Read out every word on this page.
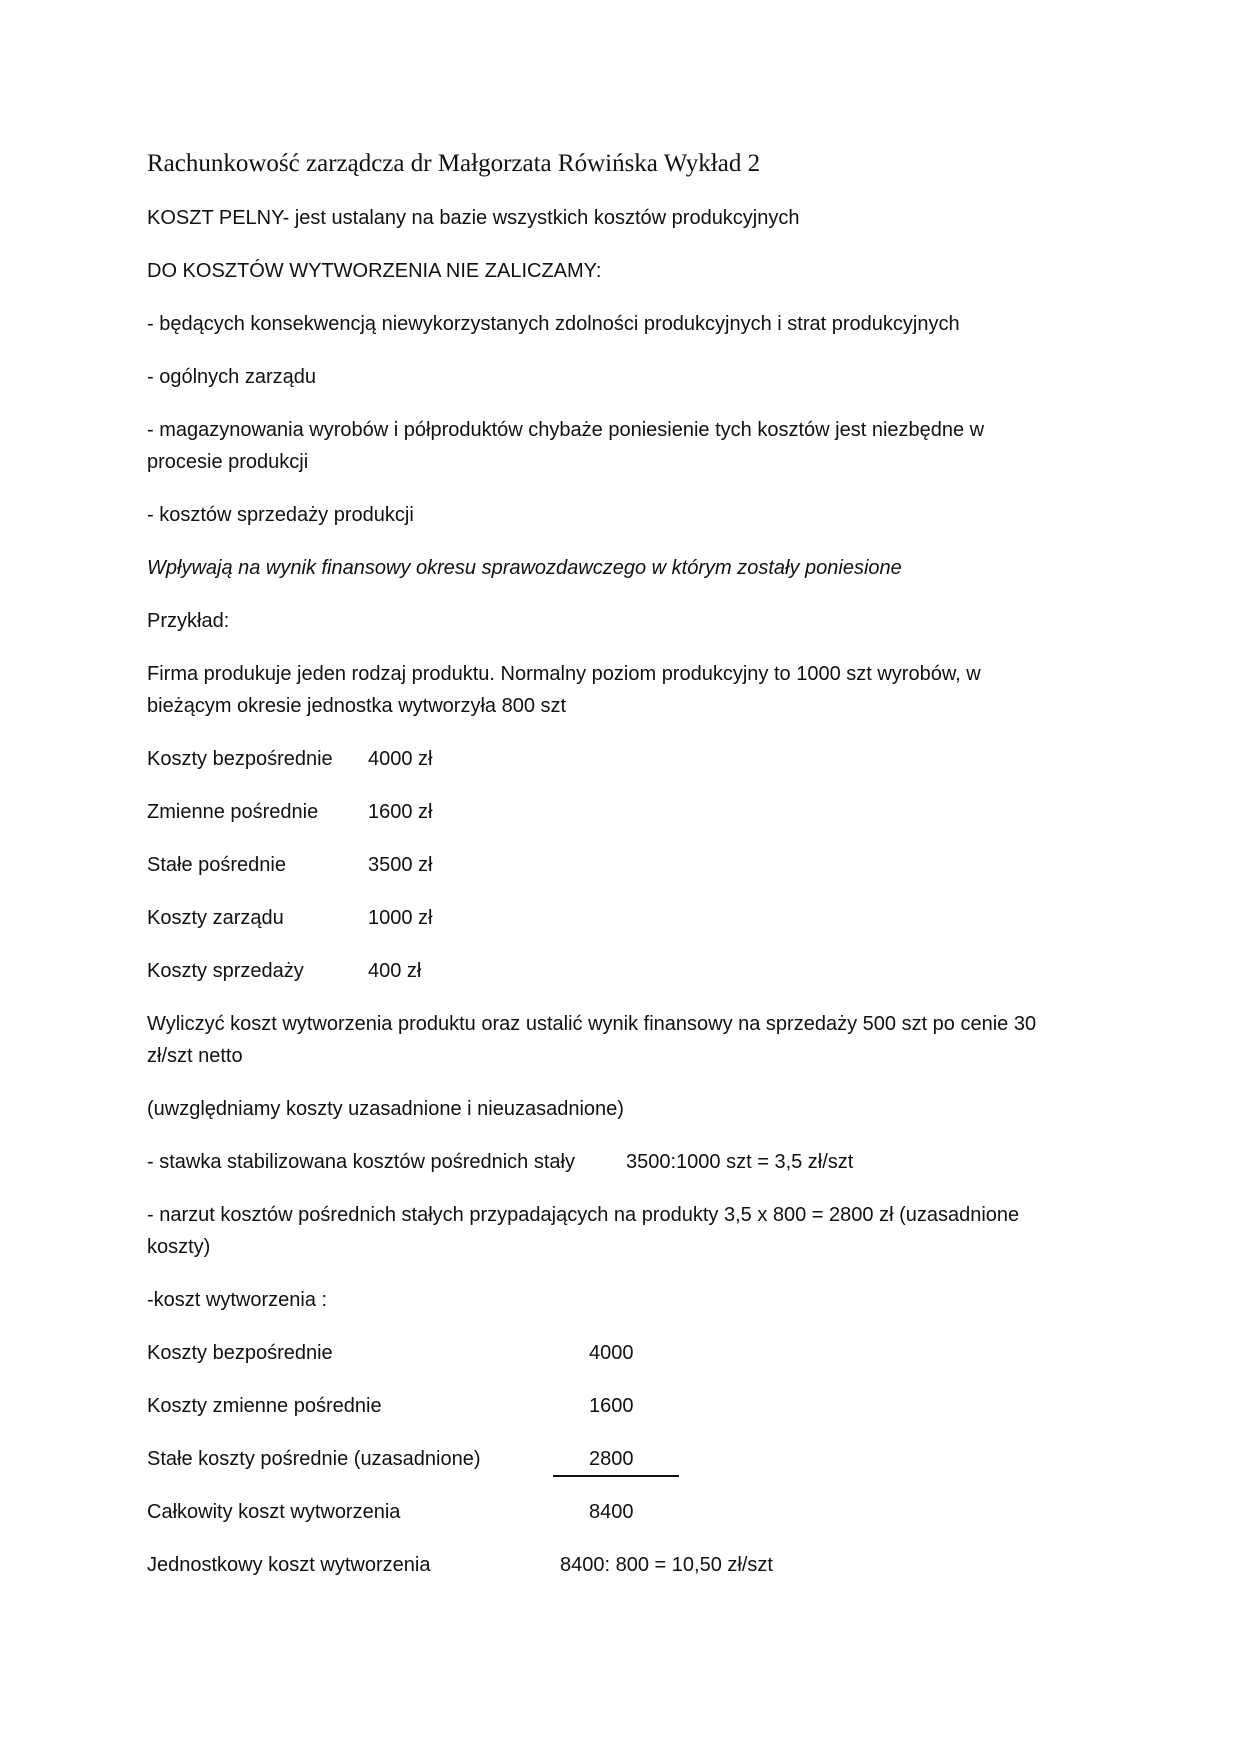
Rachunkowość zarządcza dr Małgorzata Rówińska Wykład 2
KOSZT PELNY- jest ustalany na bazie wszystkich kosztów produkcyjnych
DO KOSZTÓW WYTWORZENIA NIE ZALICZAMY:
- będących konsekwencją niewykorzystanych zdolności produkcyjnych i strat produkcyjnych
- ogólnych zarządu
- magazynowania wyrobów i półproduktów chybaże poniesienie tych kosztów jest niezbędne w
procesie produkcji
- kosztów sprzedaży produkcji
Wpływają na wynik finansowy okresu sprawozdawczego w którym zostały poniesione
Przykład:
Firma produkuje jeden rodzaj produktu. Normalny poziom produkcyjny to 1000 szt wyrobów, w
bieżącym okresie jednostka wytworzyła 800 szt
Koszty bezpośrednie 4000 zł
Zmienne pośrednie 1600 zł
Stałe pośrednie	3500 zł
Koszty zarządu	1000 zł
Koszty sprzedaży	400 zł
Wyliczyć koszt wytworzenia produktu oraz ustalić wynik finansowy na sprzedaży 500 szt po cenie 30
zł/szt netto
(uwzględniamy koszty uzasadnione i nieuzasadnione)
- stawka stabilizowana kosztów pośrednich stały	3500:1000 szt = 3,5 zł/szt
- narzut kosztów pośrednich stałych przypadających na produkty 3,5 x 800 = 2800 zł (uzasadnione
koszty)
-koszt wytworzenia :
Koszty bezpośrednie	4000
Koszty zmienne pośrednie	1600
Stałe koszty pośrednie (uzasadnione)	2800
Całkowity koszt wytworzenia	8400
Jednostkowy koszt wytworzenia	8400: 800 = 10,50 zł/szt
